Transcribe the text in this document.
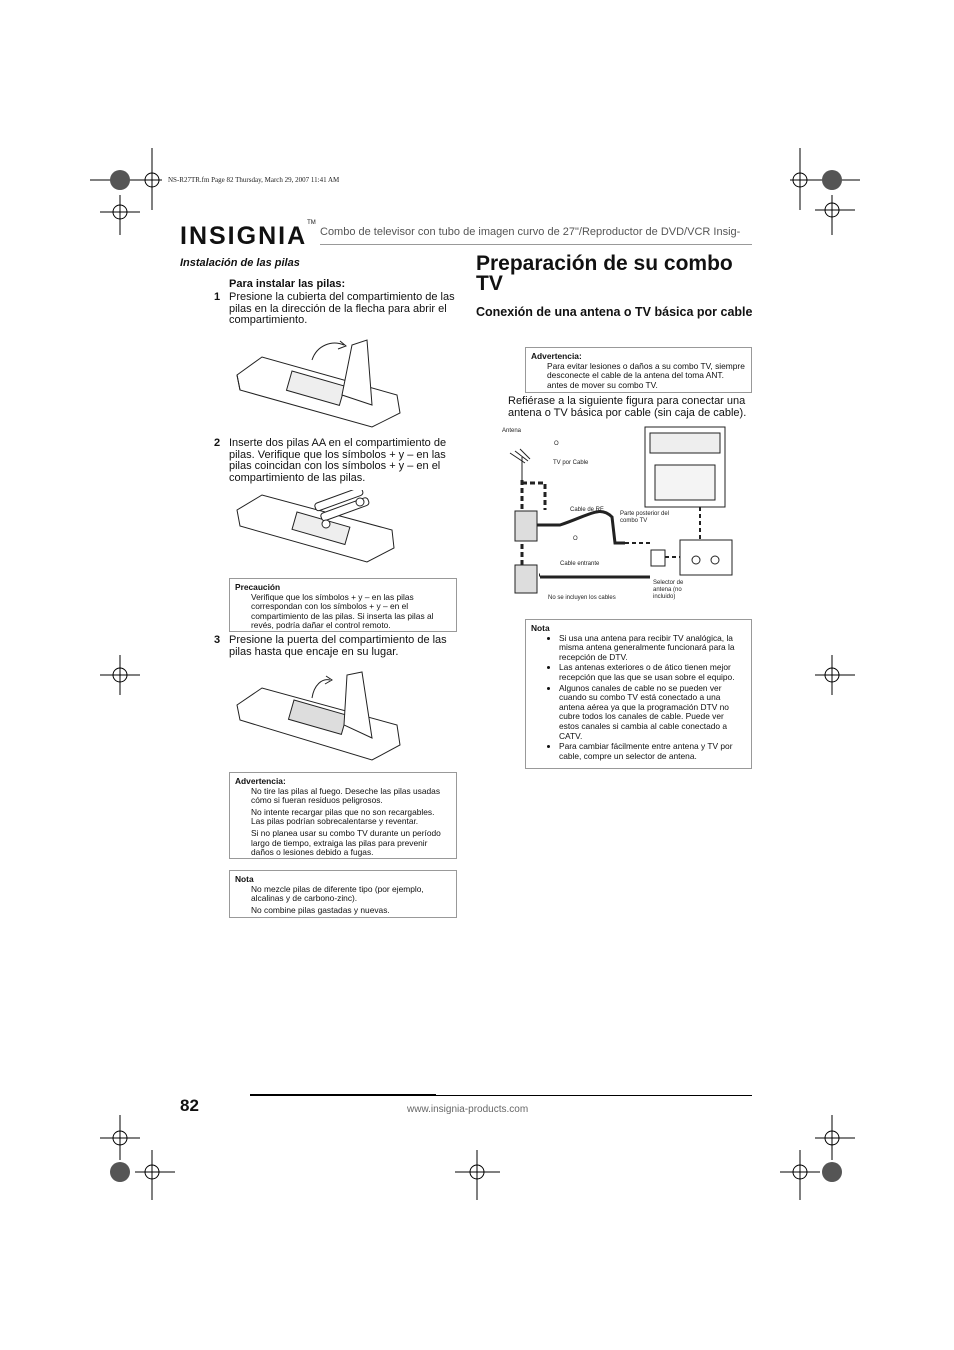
NS-R27TR.fm Page 82 Thursday, March 29, 2007 11:41 AM
INSIGNIA™
Combo de televisor con tubo de imagen curvo de 27"/Reproductor de DVD/VCR Insig-
Instalación de las pilas
Para instalar las pilas:
1 Presione la cubierta del compartimiento de las pilas en la dirección de la flecha para abrir el compartimiento.
2 Inserte dos pilas AA en el compartimiento de pilas. Verifique que los símbolos + y – en las pilas coincidan con los símbolos + y – en el compartimiento de las pilas.
Precaución
Verifique que los símbolos + y – en las pilas correspondan con los símbolos + y – en el compartimiento de las pilas. Si inserta las pilas al revés, podría dañar el control remoto.
3 Presione la puerta del compartimiento de las pilas hasta que encaje en su lugar.
Advertencia:
No tire las pilas al fuego. Deseche las pilas usadas cómo si fueran residuos peligrosos.
No intente recargar pilas que no son recargables. Las pilas podrían sobrecalentarse y reventar.
Si no planea usar su combo TV durante un período largo de tiempo, extraiga las pilas para prevenir daños o lesiones debido a fugas.
Nota
No mezcle pilas de diferente tipo (por ejemplo, alcalinas y de carbono-zinc).
No combine pilas gastadas y nuevas.
Preparación de su combo TV
Conexión de una antena o TV básica por cable
Advertencia:
Para evitar lesiones o daños a su combo TV, siempre desconecte el cable de la antena del toma ANT. antes de mover su combo TV.
Refiérase a la siguiente figura para conectar una antena o TV básica por cable (sin caja de cable).
Antena
O
TV por Cable
Cable de RF
Parte posterior del combo TV
O
Cable entrante
Selector de antena (no incluido)
No se incluyen los cables
Nota
• Si usa una antena para recibir TV analógica, la misma antena generalmente funcionará para la recepción de DTV.
• Las antenas exteriores o de ático tienen mejor recepción que las que se usan sobre el equipo.
• Algunos canales de cable no se pueden ver cuando su combo TV está conectado a una antena aérea ya que la programación DTV no cubre todos los canales de cable. Puede ver estos canales si cambia al cable conectado a CATV.
• Para cambiar fácilmente entre antena y TV por cable, compre un selector de antena.
82	www.insignia-products.com
